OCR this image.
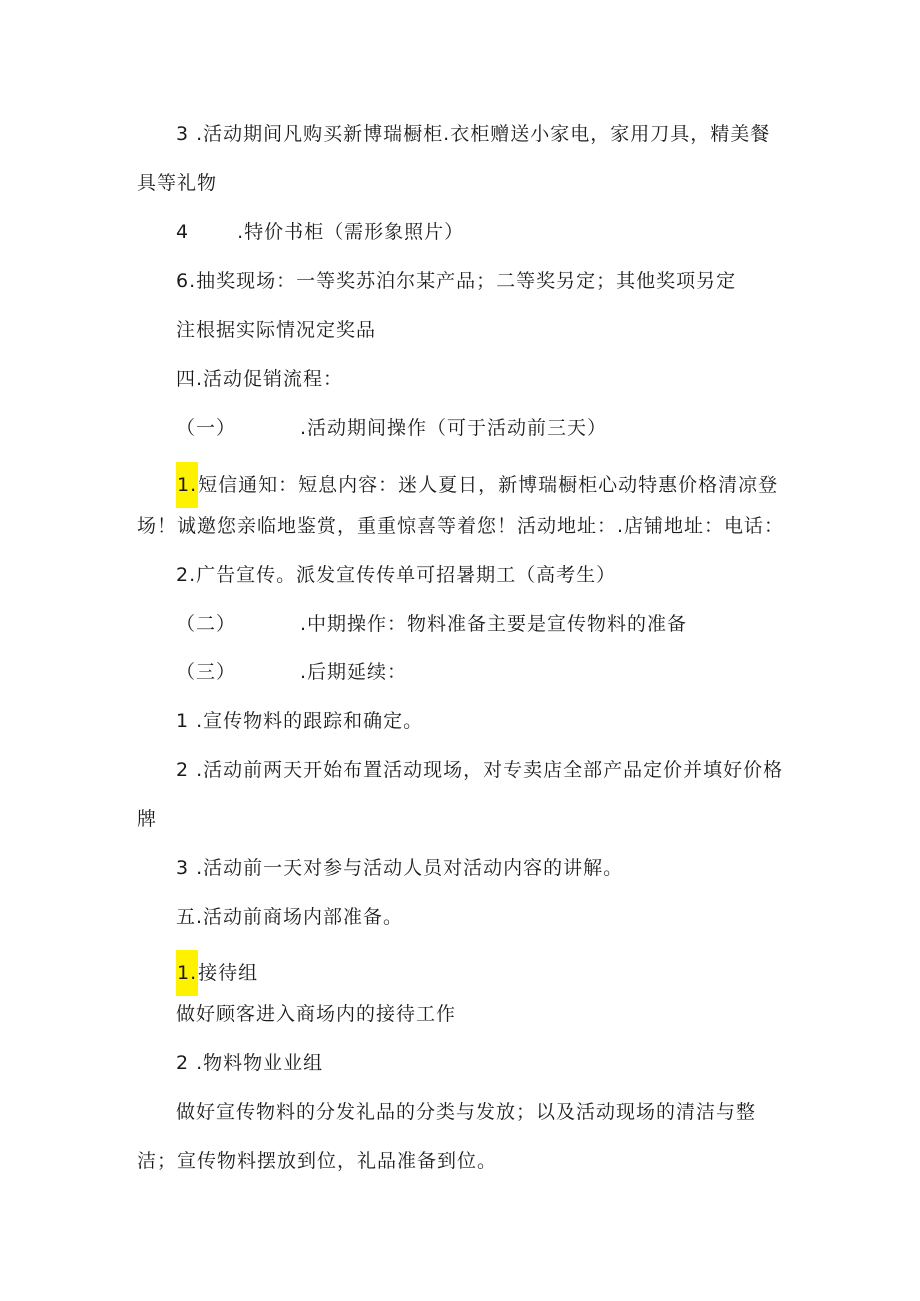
3 .活动期间凡购买新博瑞橱柜.衣柜赠送小家电，家用刀具，精美餐
具等礼物
4	.特价书柜（需形象照片）
6.抽奖现场：一等奖苏泊尔某产品；二等奖另定；其他奖项另定
注根据实际情况定奖品
四.活动促销流程：
（一）	.活动期间操作（可于活动前三天）
1.短信通知：短息内容：迷人夏日，新博瑞橱柜心动特惠价格清凉登
场！诚邀您亲临地鉴赏，重重惊喜等着您！活动地址：.店铺地址：电话：
2.广告宣传。派发宣传传单可招暑期工（高考生）
（二）	.中期操作：物料准备主要是宣传物料的准备
（三）	.后期延续：
1 .宣传物料的跟踪和确定。
2 .活动前两天开始布置活动现场，对专卖店全部产品定价并填好价格
牌
3 .活动前一天对参与活动人员对活动内容的讲解。
五.活动前商场内部准备。
1.接待组
做好顾客进入商场内的接待工作
2 .物料物业业组
做好宣传物料的分发礼品的分类与发放；以及活动现场的清洁与整
洁；宣传物料摆放到位，礼品准备到位。
